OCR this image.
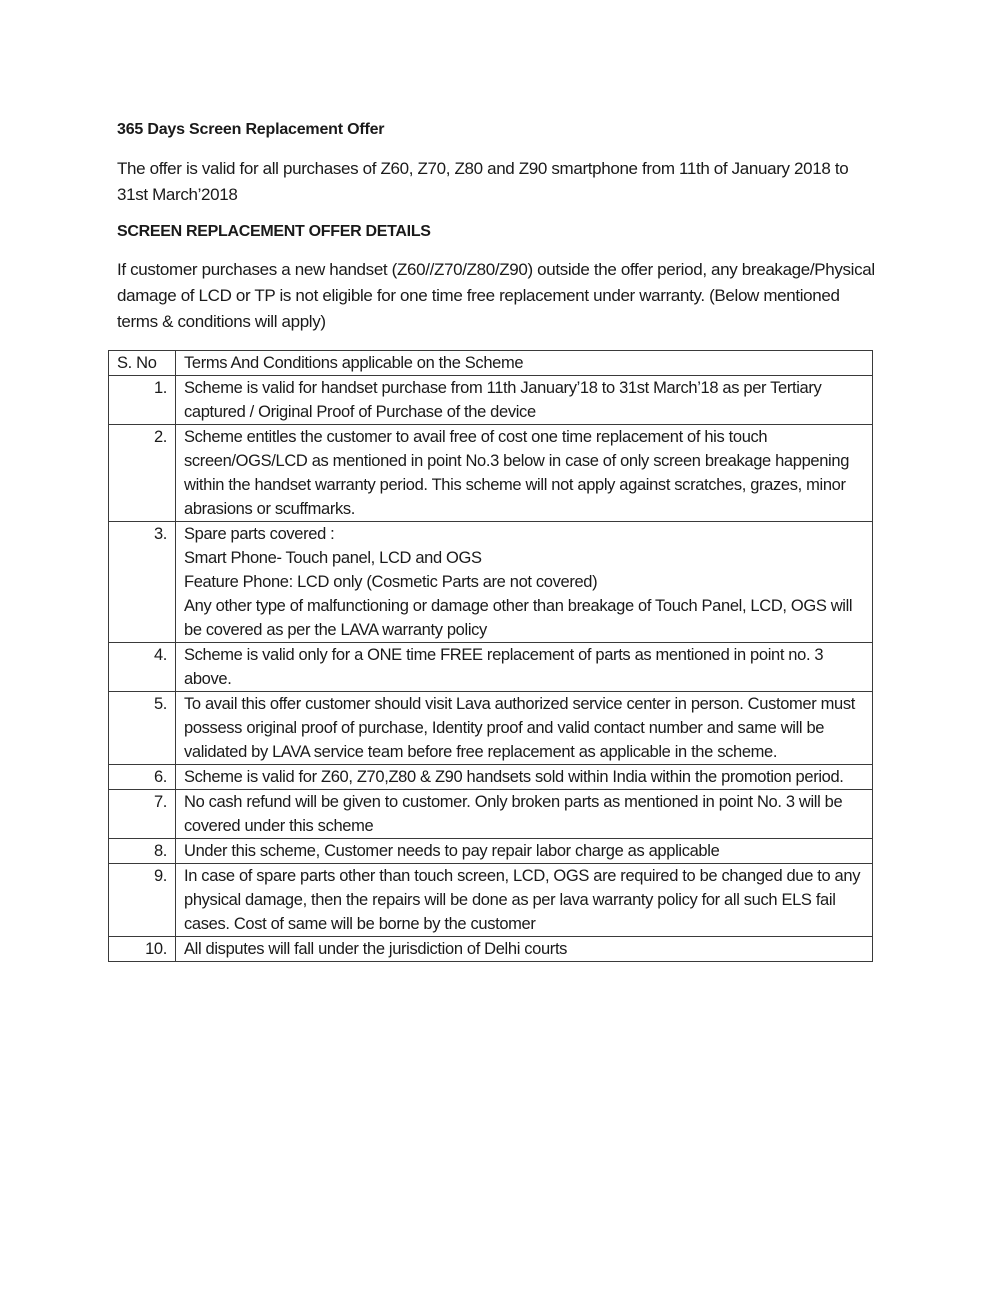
365 Days Screen Replacement Offer

The offer is valid for all purchases of Z60, Z70, Z80 and Z90 smartphone from 11th of January 2018 to 31st March’2018

SCREEN REPLACEMENT OFFER DETAILS

If customer purchases a new handset (Z60//Z70/Z80/Z90) outside the offer period, any breakage/Physical damage of LCD or TP is not eligible for one time free replacement under warranty. (Below mentioned terms & conditions will apply)

S. No	Terms And Conditions applicable on the Scheme
1.	Scheme is valid for handset purchase from 11th January’18 to 31st March’18 as per Tertiary captured / Original Proof of Purchase of the device

2.	Scheme entitles the customer to avail free of cost one time replacement of his touch screen/OGS/LCD as mentioned in point No.3 below in case of only screen breakage happening within the handset warranty period. This scheme will not apply against scratches, grazes, minor abrasions or scuffmarks.

3.	Spare parts covered :
Smart Phone- Touch panel, LCD and OGS
Feature Phone: LCD only (Cosmetic Parts are not covered)
Any other type of malfunctioning or damage other than breakage of Touch Panel, LCD, OGS will be covered as per the LAVA warranty policy

4.	Scheme is valid only for a ONE time FREE replacement of parts as mentioned in point no. 3 above.

5.	To avail this offer customer should visit Lava authorized service center in person. Customer must possess original proof of purchase, Identity proof and valid contact number and same will be validated by LAVA service team before free replacement as applicable in the scheme.

6.	Scheme is valid for Z60, Z70,Z80 & Z90 handsets sold within India within the promotion period.

7.	No cash refund will be given to customer. Only broken parts as mentioned in point No. 3 will be covered under this scheme

8.	Under this scheme, Customer needs to pay repair labor charge as applicable

9.	In case of spare parts other than touch screen, LCD, OGS are required to be changed due to any physical damage, then the repairs will be done as per lava warranty policy for all such ELS fail cases. Cost of same will be borne by the customer

10.	All disputes will fall under the jurisdiction of Delhi courts
